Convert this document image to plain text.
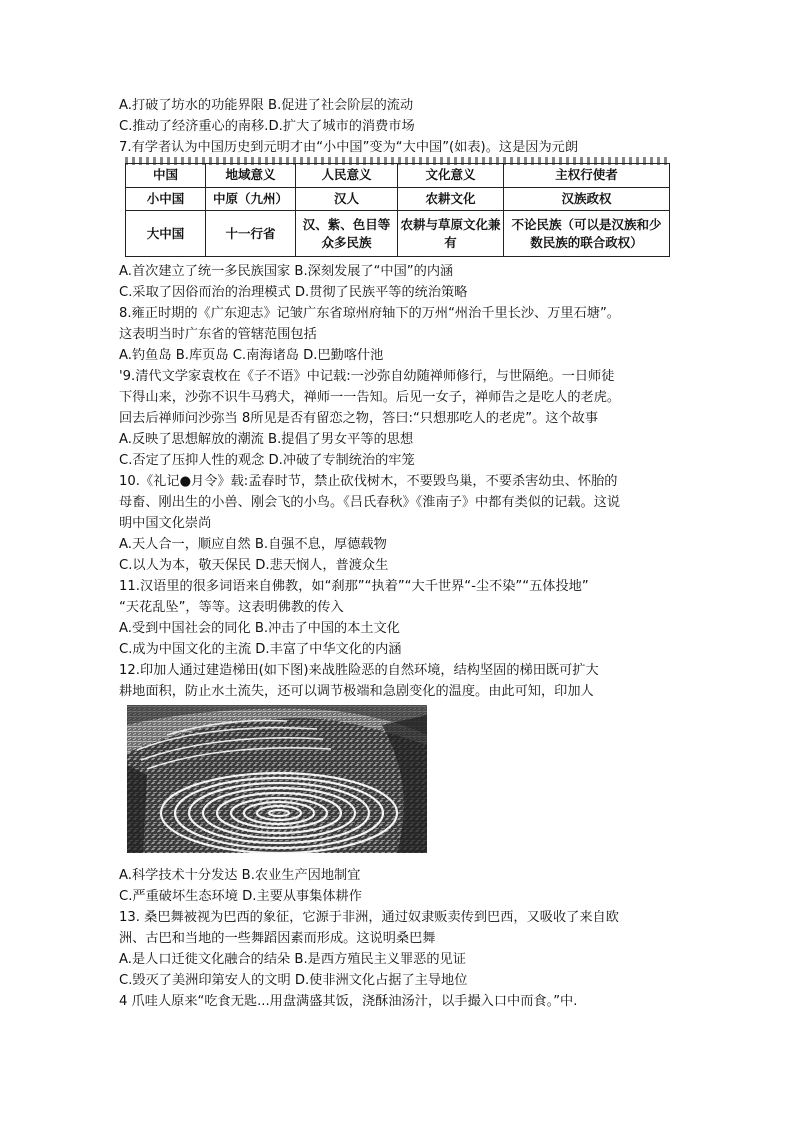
A.打破了坊水的功能界限 B.促进了社会阶层的流动
C.推动了经济重心的南移.D.扩大了城市的消费市场
7.有学者认为中国历史到元明才由“小中国”变为“大中国”(如表)。这是因为元朗
中国	地域意义	人民意义	文化意义	主权行使者
小中国	中原（九州）	汉人	农耕文化	汉族政权
大中国	十一行省	汉、紫、色目等众多民族	农耕与草原文化兼有	不论民族（可以是汉族和少数民族的联合政权）
A.首次建立了统一多民族国家 B.深刻发展了“中国”的内涵
C.采取了因俗而治的治理模式 D.贯彻了民族平等的统治策略
8.雍正时期的《广东迎志》记皱广东省琼州府轴下的万州“州治千里长沙、万里石塘”。
这表明当时广东省的管辖范围包括
A.钓鱼岛 B.库页岛 C.南海诸岛 D.巴勤喀什池
'9.清代文学家袁枚在《子不语》中记载:一沙弥自幼随禅师修行，与世隔绝。一日师徒
下得山来，沙弥不识牛马鸦犬，禅师一一告知。后见一女子，禅师告之是吃人的老虎。
回去后禅师问沙弥当 8所见是否有留恋之物，答曰:“只想那吃人的老虎”。这个故事
A.反映了思想解放的潮流 B.提倡了男女平等的思想
C.否定了压抑人性的观念 D.冲破了专制统治的牢笼
10.《礼记●月令》载:孟春时节，禁止砍伐树木，不要毁鸟巢，不要杀害幼虫、怀胎的
母畜、刚出生的小兽、刚会飞的小鸟。《吕氏春秋》《淮南子》中都有类似的记载。这说
明中国文化崇尚
A.天人合一，顺应自然 B.自强不息，厚德载物
C.以人为本，敬天保民 D.悲天悯人，普渡众生
11.汉语里的很多词语来自佛教，如“刹那”“执着”“大千世界“-尘不染”“五体投地”
“天花乱坠”，等等。这表明佛教的传入
A.受到中国社会的同化 B.冲击了中国的本土文化
C.成为中国文化的主流 D.丰富了中华文化的内涵
12.印加人通过建造梯田(如下图)来战胜险恶的自然环境，结构坚固的梯田既可扩大
耕地面积，防止水土流失，还可以调节极端和急剧变化的温度。由此可知，印加人
A.科学技术十分发达 B.农业生产因地制宜
C.严重破坏生态环境 D.主要从事集体耕作
13. 桑巴舞被视为巴西的象征，它源于非洲，通过奴隶贩卖传到巴西，又吸收了来自欧
洲、古巴和当地的一些舞蹈因素而形成。这说明桑巴舞
A.是人口迁徙文化融合的结朵 B.是西方殖民主义罪恶的见证
C.毁灭了美洲印第安人的文明 D.使非洲文化占据了主导地位
4 爪哇人原来“吃食无匙...用盘满盛其饭，浇酥油汤汁，以手撮入口中而食。”中.
